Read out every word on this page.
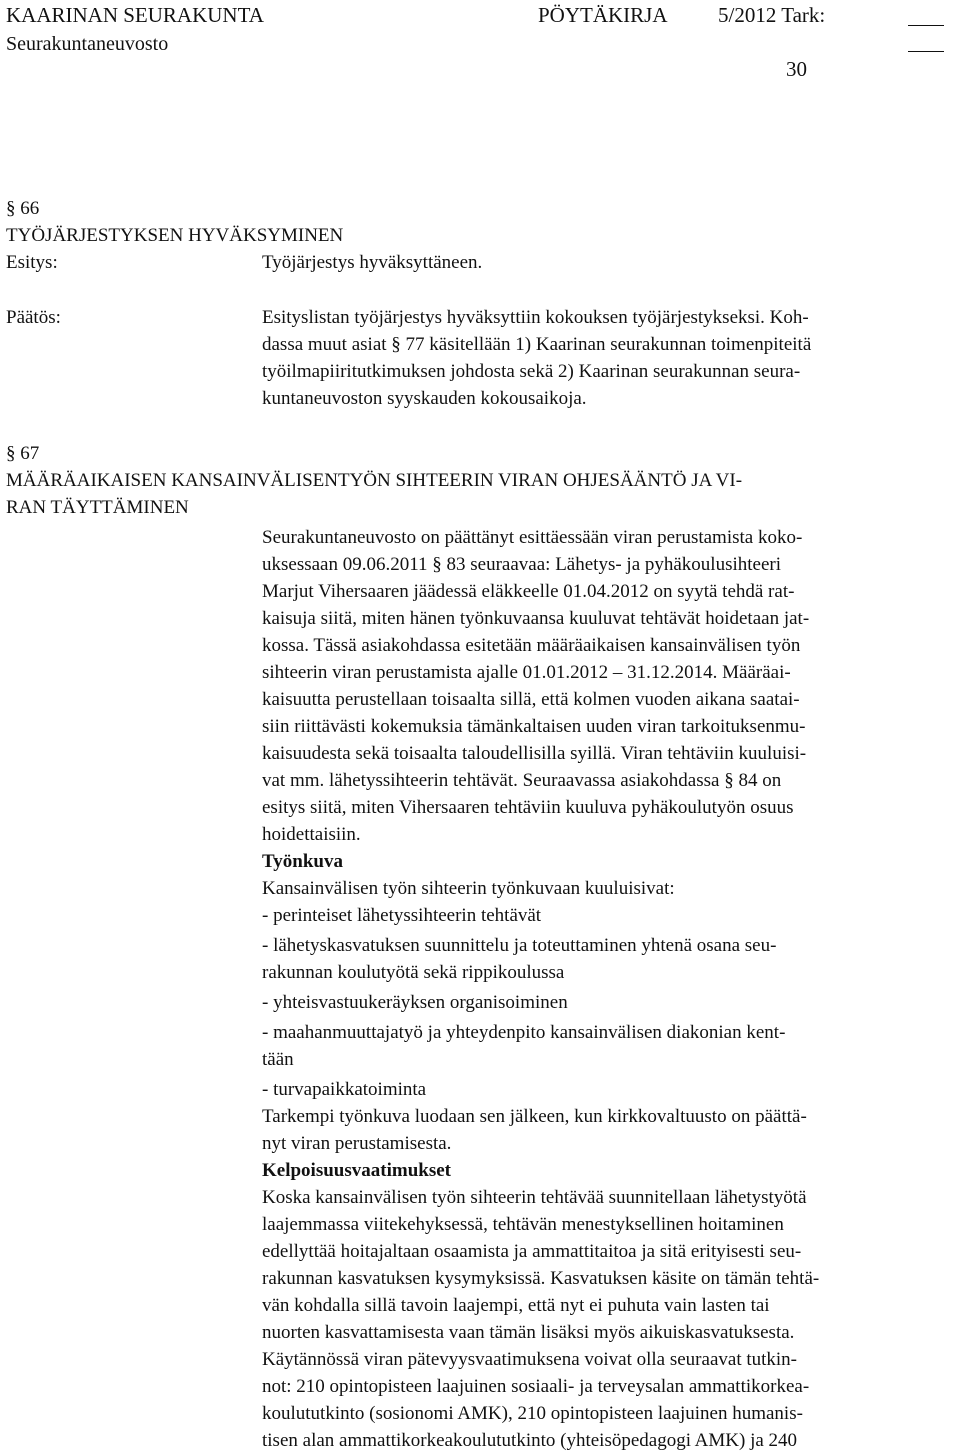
KAARINAN SEURAKUNTA	PÖYTÄKIRJA 5/2012 Tark:
Seurakuntaneuvosto
30
§ 66
TYÖJÄRJESTYKSEN HYVÄKSYMINEN
Esitys:	Työjärjestys hyväksyttäneen.
Päätös:	Esityslistan työjärjestys hyväksyttiin kokouksen työjärjestykseksi. Koh-
dassa muut asiat § 77 käsitellään 1) Kaarinan seurakunnan toimenpiteitä
työilmapiiritutkimuksen johdosta sekä 2) Kaarinan seurakunnan seura-
kuntaneuvoston syyskauden kokousaikoja.
§ 67
MÄÄRÄAIKAISEN KANSAINVÄLISENTYÖN SIHTEERIN VIRAN OHJESÄÄNTÖ JA VI-
RAN TÄYTTÄMINEN
Seurakuntaneuvosto on päättänyt esittäessään viran perustamista koko-
uksessaan 09.06.2011 § 83 seuraavaa: Lähetys- ja pyhäkoulusihteeri
Marjut Vihersaaren jäädessä eläkkeelle 01.04.2012 on syytä tehdä rat-
kaisuja siitä, miten hänen työnkuvaansa kuuluvat tehtävät hoidetaan jat-
kossa. Tässä asiakohdassa esitetään määräaikaisen kansainvälisen työn
sihteerin viran perustamista ajalle 01.01.2012 – 31.12.2014. Määräai-
kaisuutta perustellaan toisaalta sillä, että kolmen vuoden aikana saatai-
siin riittävästi kokemuksia tämänkaltaisen uuden viran tarkoituksenmu-
kaisuudesta sekä toisaalta taloudellisilla syillä. Viran tehtäviin kuuluisi-
vat mm. lähetyssihteerin tehtävät. Seuraavassa asiakohdassa § 84 on
esitys siitä, miten Vihersaaren tehtäviin kuuluva pyhäkoulutyön osuus
hoidettaisiin.
Työnkuva
Kansainvälisen työn sihteerin työnkuvaan kuuluisivat:
- perinteiset lähetyssihteerin tehtävät
- lähetyskasvatuksen suunnittelu ja toteuttaminen yhtenä osana seu-
rakunnan koulutyötä sekä rippikoulussa
- yhteisvastuukeräyksen organisoiminen
- maahanmuuttajatyö ja yhteydenpito kansainvälisen diakonian kent-
tään
- turvapaikkatoiminta
Tarkempi työnkuva luodaan sen jälkeen, kun kirkkovaltuusto on päättä-
nyt viran perustamisesta.
Kelpoisuusvaatimukset
Koska kansainvälisen työn sihteerin tehtävää suunnitellaan lähetystyötä
laajemmassa viitekehyksessä, tehtävän menestyksellinen hoitaminen
edellyttää hoitajaltaan osaamista ja ammattitaitoa ja sitä erityisesti seu-
rakunnan kasvatuksen kysymyksissä. Kasvatuksen käsite on tämän tehtä-
vän kohdalla sillä tavoin laajempi, että nyt ei puhuta vain lasten tai
nuorten kasvattamisesta vaan tämän lisäksi myös aikuiskasvatuksesta.
Käytännössä viran pätevyysvaatimuksena voivat olla seuraavat tutkin-
not: 210 opintopisteen laajuinen sosiaali- ja terveysalan ammattikorkea-
koulututkinto (sosionomi AMK), 210 opintopisteen laajuinen humanis-
tisen alan ammattikorkeakoulututkinto (yhteisöpedagogi AMK) ja 240
